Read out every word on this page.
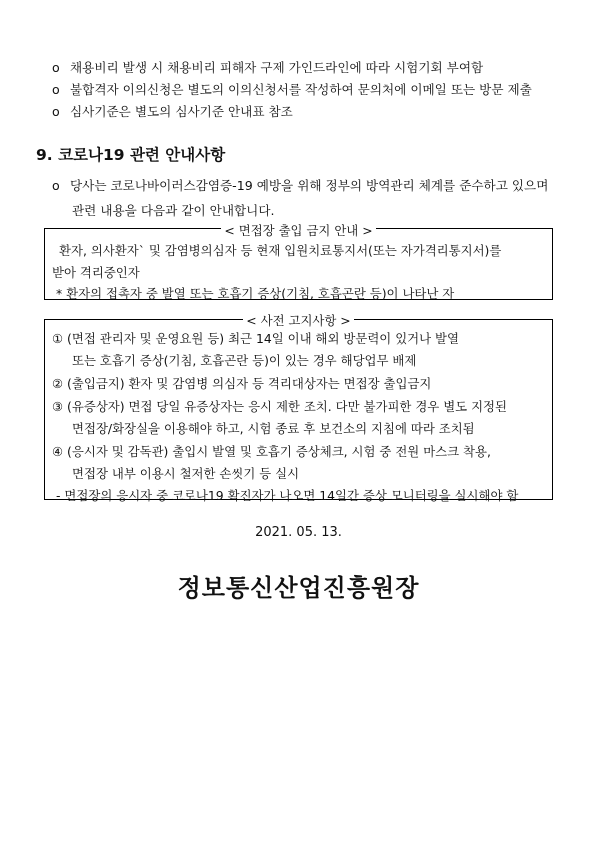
o 채용비리 발생 시 채용비리 피해자 구제 가인드라인에 따라 시험기회 부여함
o 불합격자 이의신청은 별도의 이의신청서를 작성하여 문의처에 이메일 또는 방문 제출
o 심사기준은 별도의 심사기준 안내표 참조
9. 코로나19 관련 안내사항
o 당사는 코로나바이러스감염증-19 예방을 위해 정부의 방역관리 체계를 준수하고 있으며
관련 내용을 다음과 같이 안내합니다.
< 면접장 출입 금지 안내 >
환자, 의사환자` 및 감염병의심자 등 현재 입원치료통지서(또는 자가격리통지서)를
받아 격리중인자
* 환자의 접촉자 중 발열 또는 호흡기 증상(기침, 호흡곤란 등)이 나타난 자
< 사전 고지사항 >
① (면접 관리자 및 운영요원 등) 최근 14일 이내 해외 방문력이 있거나 발열
또는 호흡기 증상(기침, 호흡곤란 등)이 있는 경우 해당업무 배제
② (출입금지) 환자 및 감염병 의심자 등 격리대상자는 면접장 출입금지
③ (유증상자) 면접 당일 유증상자는 응시 제한 조치. 다만 불가피한 경우 별도 지정된
면접장/화장실을 이용해야 하고, 시험 종료 후 보건소의 지침에 따라 조치됨
④ (응시자 및 감독관) 출입시 발열 및 호흡기 증상체크, 시험 중 전원 마스크 착용,
면접장 내부 이용시 철저한 손씻기 등 실시
- 면접장의 응시자 중 코로나19 확진자가 나오면 14일간 증상 모니터링을 실시해야 함
2021. 05. 13.
정보통신산업진흥원장
